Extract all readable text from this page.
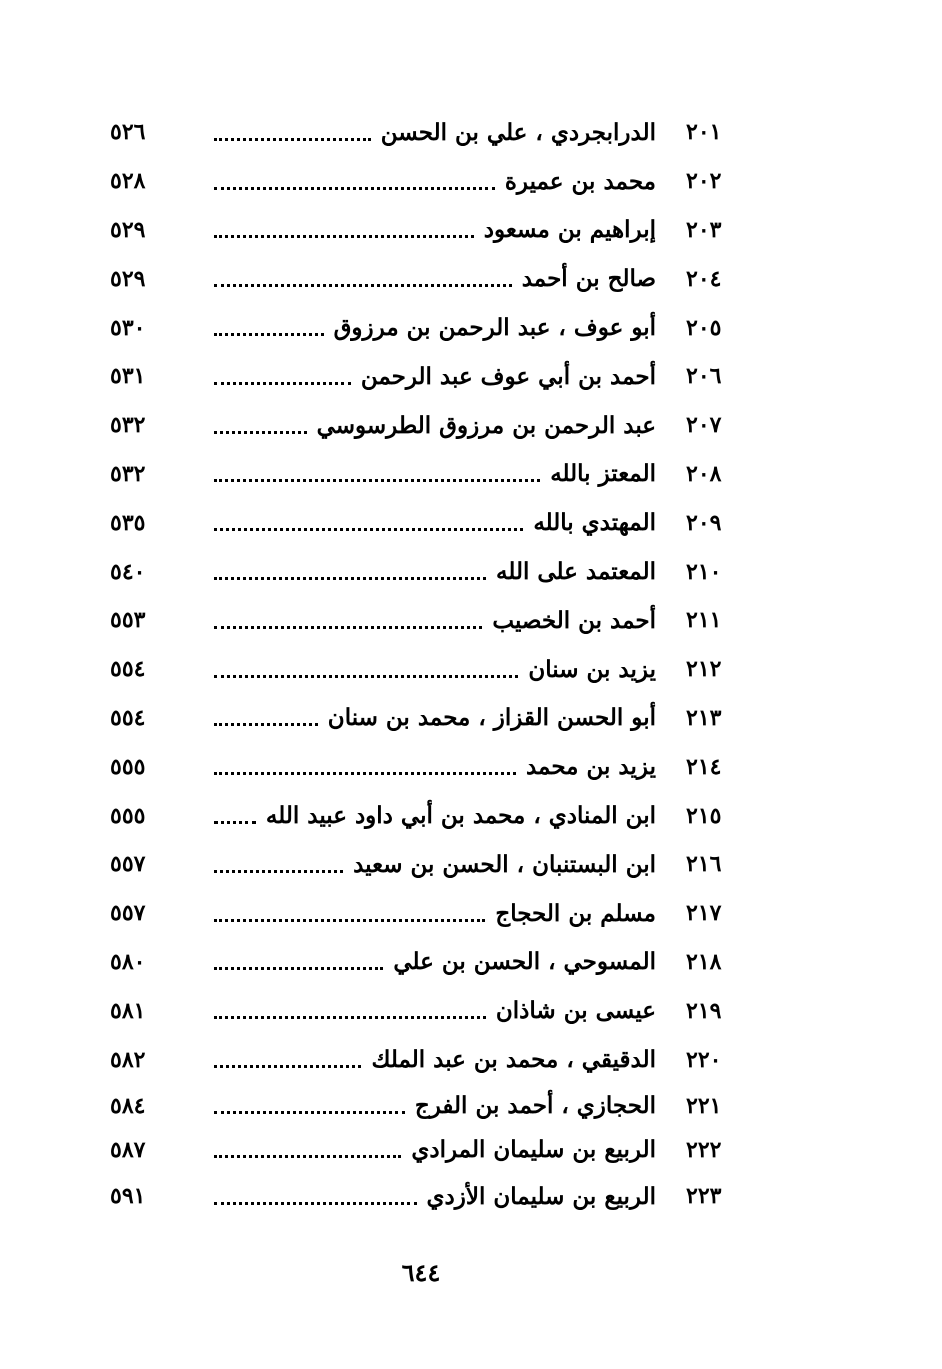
٢٠١
الدرابجردي ، علي بن الحسن
٥٢٦
٢٠٢
محمد بن عميرة
٥٢٨
٢٠٣
إبراهيم بن مسعود
٥٢٩
٢٠٤
صالح بن أحمد
٥٢٩
٢٠٥
أبو عوف ، عبد الرحمن بن مرزوق
٥٣٠
٢٠٦
أحمد بن أبي عوف عبد الرحمن
٥٣١
٢٠٧
عبد الرحمن بن مرزوق الطرسوسي
٥٣٢
٢٠٨
المعتز بالله
٥٣٢
٢٠٩
المهتدي بالله
٥٣٥
٢١٠
المعتمد على الله
٥٤٠
٢١١
أحمد بن الخصيب
٥٥٣
٢١٢
يزيد بن سنان
٥٥٤
٢١٣
أبو الحسن القزاز ، محمد بن سنان
٥٥٤
٢١٤
يزيد بن محمد
٥٥٥
٢١٥
ابن المنادي ، محمد بن أبي داود عبيد الله
٥٥٥
٢١٦
ابن البستنبان ، الحسن بن سعيد
٥٥٧
٢١٧
مسلم بن الحجاج
٥٥٧
٢١٨
المسوحي ، الحسن بن علي
٥٨٠
٢١٩
عيسى بن شاذان
٥٨١
٢٢٠
الدقيقي ، محمد بن عبد الملك
٥٨٢
٢٢١
الحجازي ، أحمد بن الفرج
٥٨٤
٢٢٢
الربيع بن سليمان المرادي
٥٨٧
٢٢٣
الربيع بن سليمان الأزدي
٥٩١
٦٤٤
